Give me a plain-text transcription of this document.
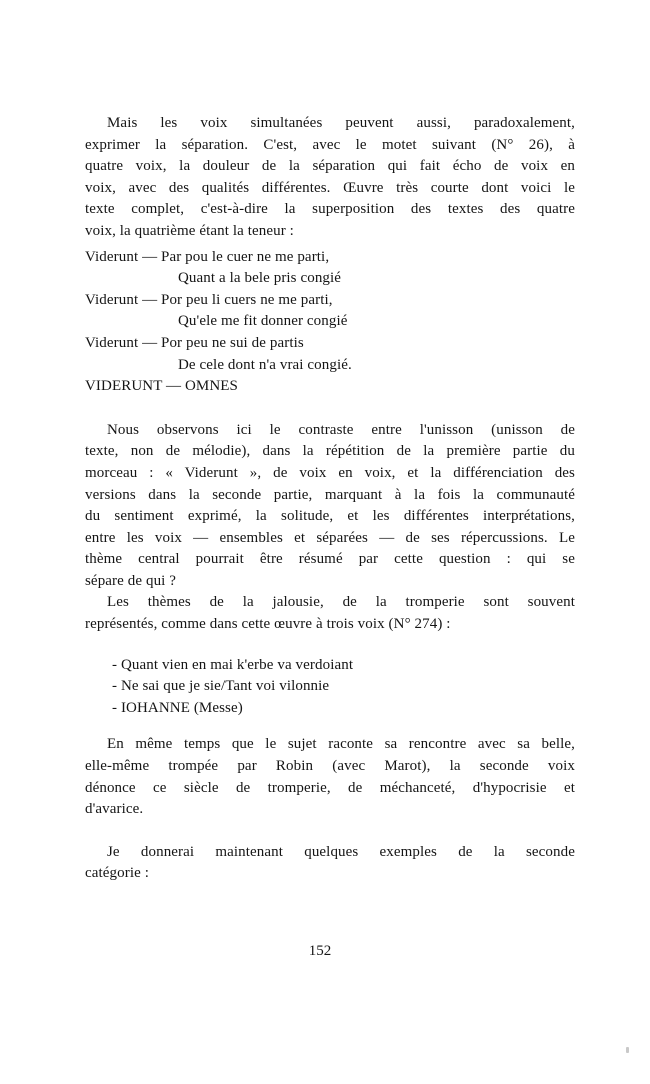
Mais les voix simultanées peuvent aussi, paradoxalement,
exprimer la séparation. C'est, avec le motet suivant (N° 26), à
quatre voix, la douleur de la séparation qui fait écho de voix en
voix, avec des qualités différentes. Œuvre très courte dont voici le
texte complet, c'est-à-dire la superposition des textes des quatre
voix, la quatrième étant la teneur :
Viderunt — Par pou le cuer ne me parti,
Quant a la bele pris congié
Viderunt — Por peu li cuers ne me parti,
Qu'ele me fit donner congié
Viderunt — Por peu ne sui de partis
De cele dont n'a vrai congié.
VIDERUNT — OMNES
Nous observons ici le contraste entre l'unisson (unisson de
texte, non de mélodie), dans la répétition de la première partie du
morceau : « Viderunt », de voix en voix, et la différenciation des
versions dans la seconde partie, marquant à la fois la communauté
du sentiment exprimé, la solitude, et les différentes interprétations,
entre les voix — ensembles et séparées — de ses répercussions. Le
thème central pourrait être résumé par cette question : qui se
sépare de qui ?
Les thèmes de la jalousie, de la tromperie sont souvent
représentés, comme dans cette œuvre à trois voix (N° 274) :
- Quant vien en mai k'erbe va verdoiant
- Ne sai que je sie/Tant voi vilonnie
- IOHANNE (Messe)
En même temps que le sujet raconte sa rencontre avec sa belle,
elle-même trompée par Robin (avec Marot), la seconde voix
dénonce ce siècle de tromperie, de méchanceté, d'hypocrisie et
d'avarice.
Je donnerai maintenant quelques exemples de la seconde
catégorie :
152
